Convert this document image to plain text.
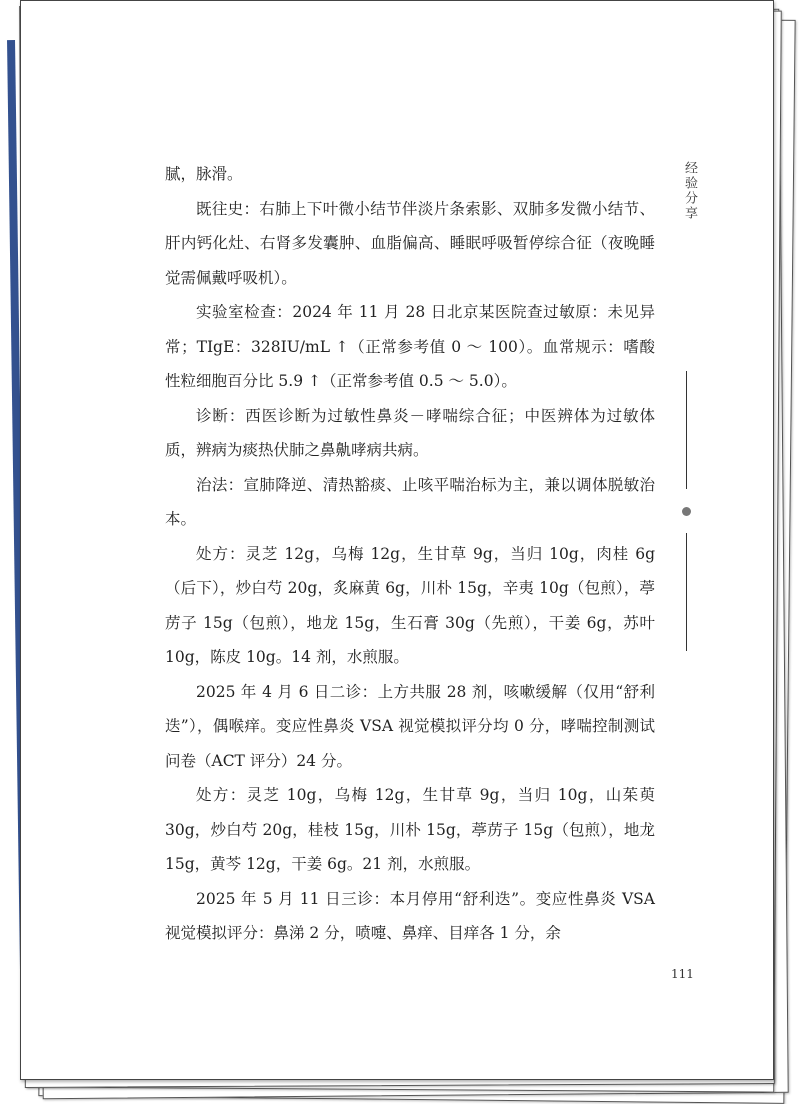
腻，脉滑。

既往史：右肺上下叶微小结节伴淡片条索影、双肺多发微小结节、肝内钙化灶、右肾多发囊肿、血脂偏高、睡眠呼吸暂停综合征（夜晚睡觉需佩戴呼吸机）。

实验室检查：2024 年 11 月 28 日北京某医院查过敏原：未见异常；TIgE：328IU/mL ↑（正常参考值 0 ～ 100）。血常规示：嗜酸性粒细胞百分比 5.9 ↑（正常参考值 0.5 ～ 5.0）。

诊断：西医诊断为过敏性鼻炎－哮喘综合征；中医辨体为过敏体质，辨病为痰热伏肺之鼻鼽哮病共病。

治法：宣肺降逆、清热豁痰、止咳平喘治标为主，兼以调体脱敏治本。

处方：灵芝 12g，乌梅 12g，生甘草 9g，当归 10g，肉桂 6g（后下），炒白芍 20g，炙麻黄 6g，川朴 15g，辛夷 10g（包煎），葶苈子 15g（包煎），地龙 15g，生石膏 30g（先煎），干姜 6g，苏叶 10g，陈皮 10g。14 剂，水煎服。

2025 年 4 月 6 日二诊：上方共服 28 剂，咳嗽缓解（仅用“舒利迭”），偶喉痒。变应性鼻炎 VSA 视觉模拟评分均 0 分，哮喘控制测试问卷（ACT 评分）24 分。

处方：灵芝 10g，乌梅 12g，生甘草 9g，当归 10g，山茱萸 30g，炒白芍 20g，桂枝 15g，川朴 15g，葶苈子 15g（包煎），地龙 15g，黄芩 12g，干姜 6g。21 剂，水煎服。

2025 年 5 月 11 日三诊：本月停用“舒利迭”。变应性鼻炎 VSA 视觉模拟评分：鼻涕 2 分，喷嚏、鼻痒、目痒各 1 分，余

经验分享
111
